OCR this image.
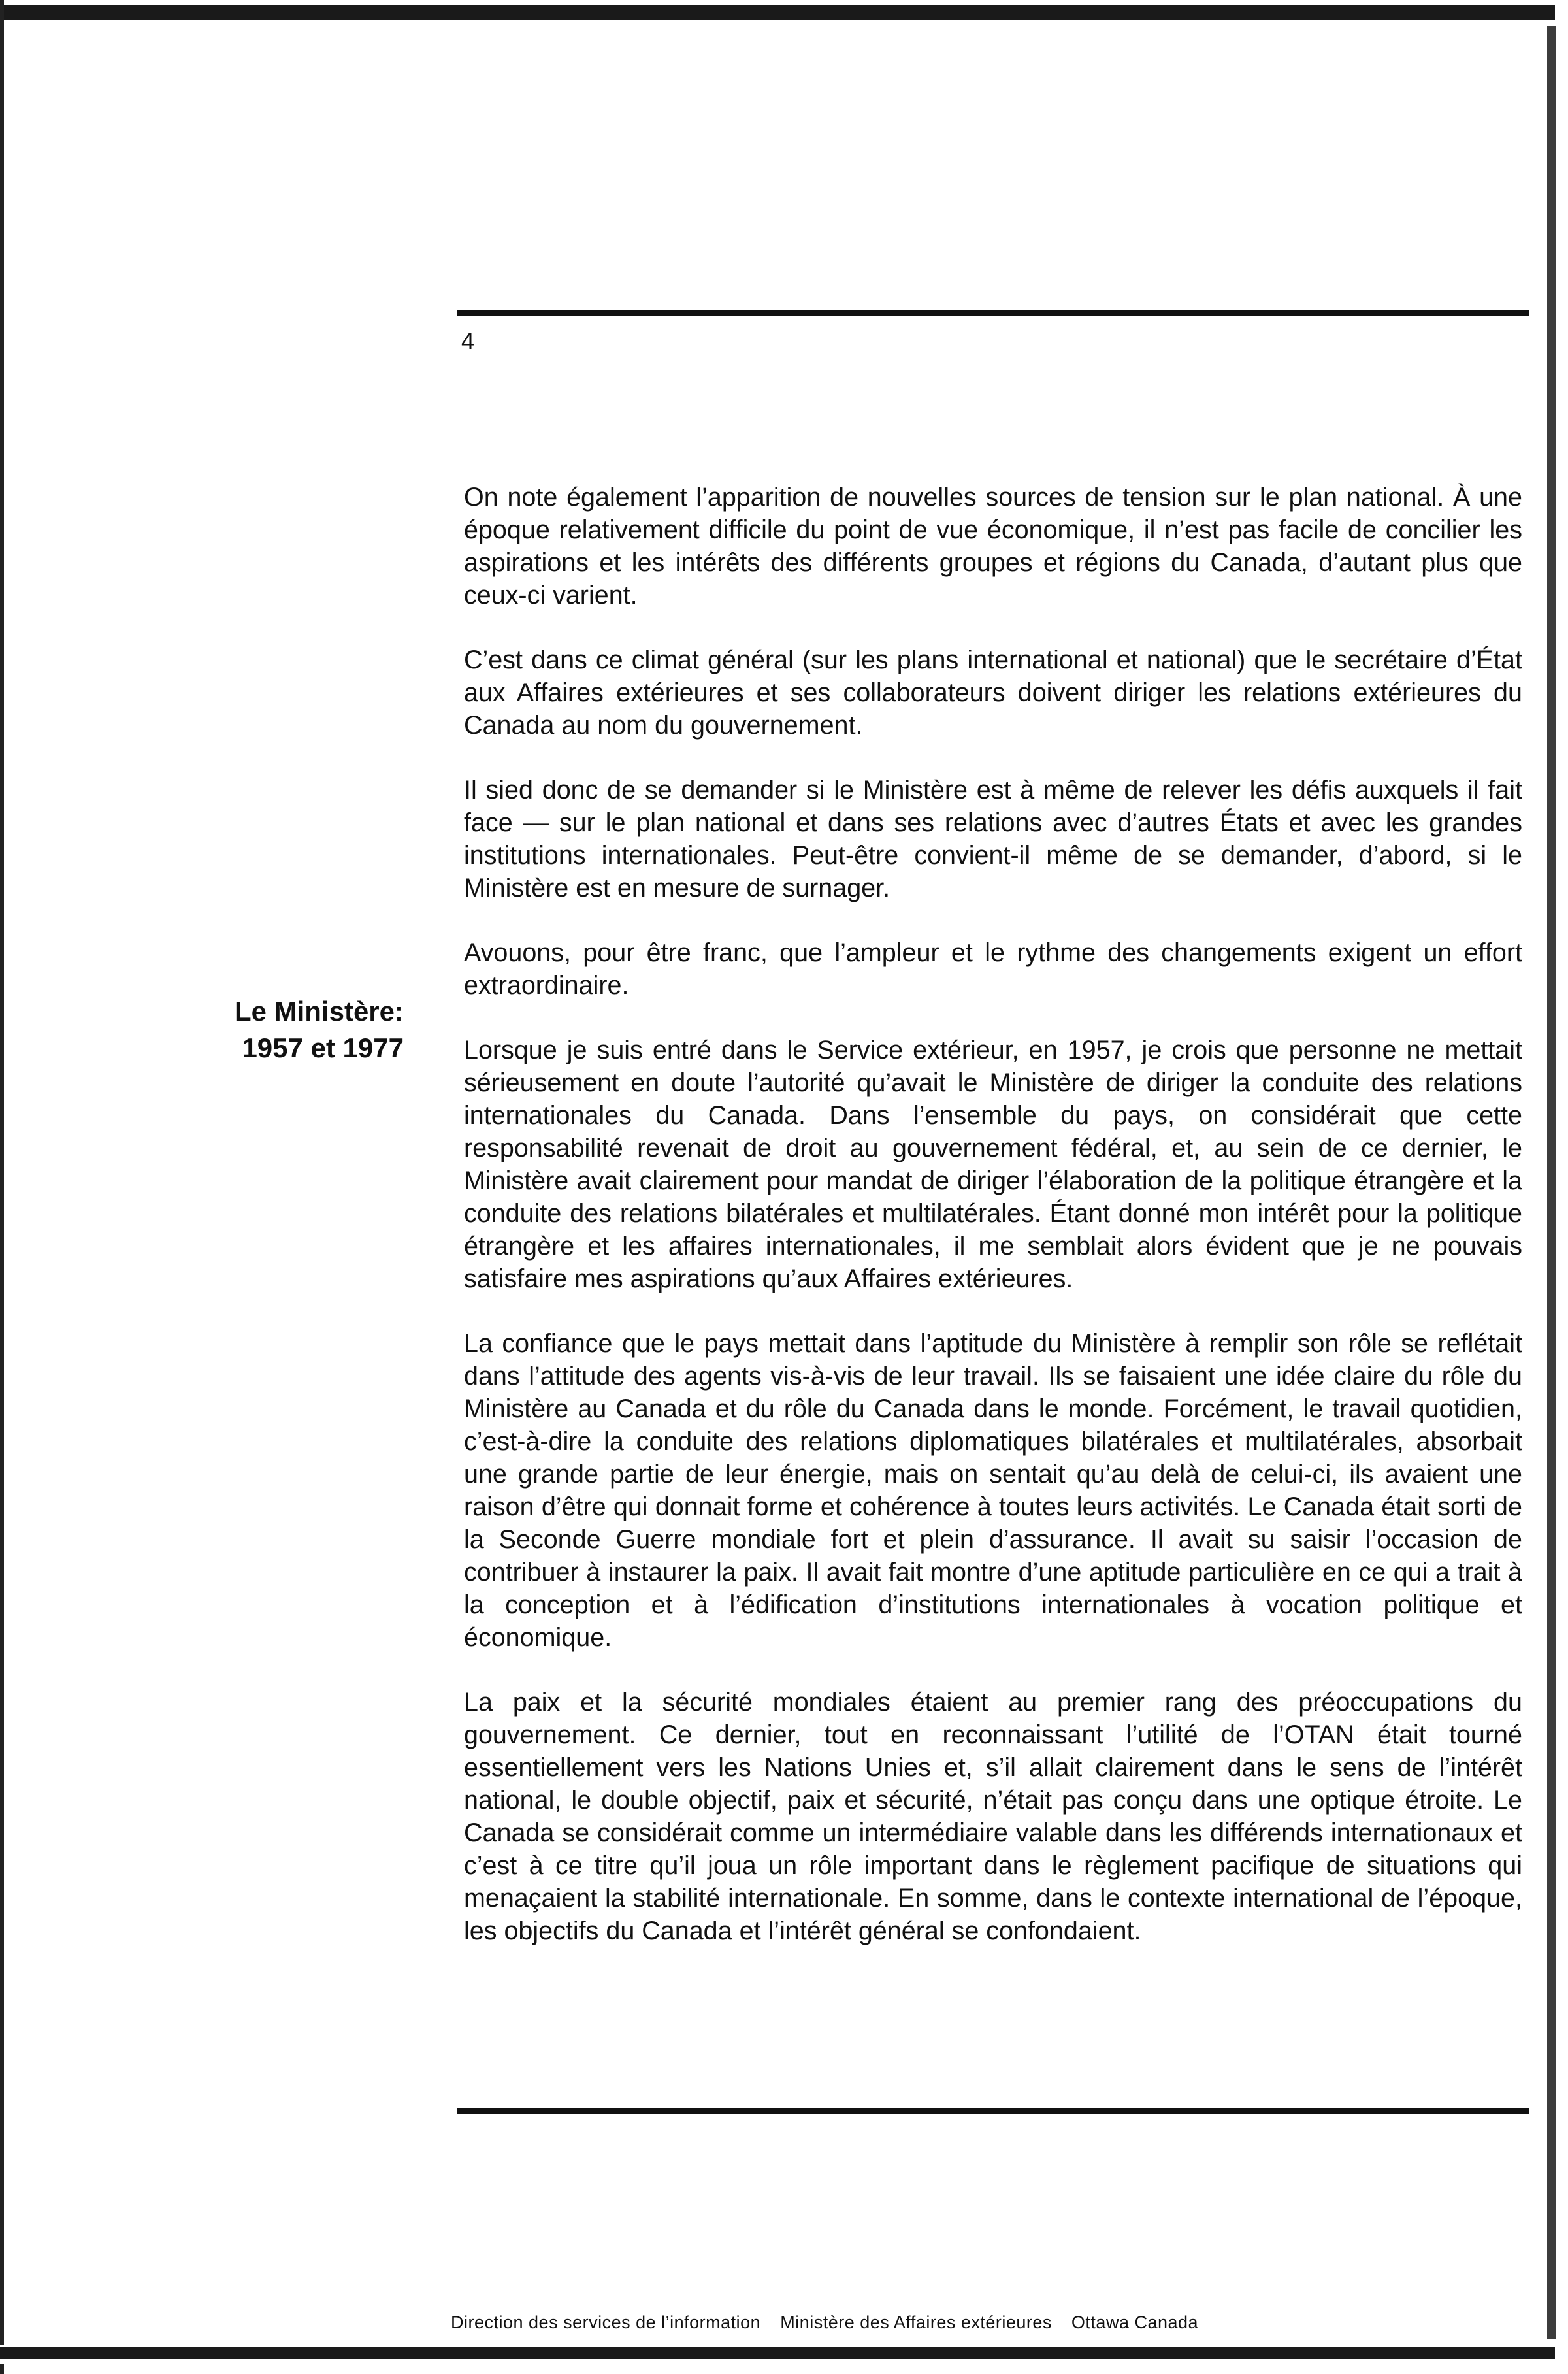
4
Le Ministère:
1957 et 1977

On note également l’apparition de nouvelles sources de tension sur le plan national. À une époque relativement difficile du point de vue économique, il n’est pas facile de concilier les aspirations et les intérêts des différents groupes et régions du Canada, d’autant plus que ceux-ci varient.

C’est dans ce climat général (sur les plans international et national) que le secrétaire d’État aux Affaires extérieures et ses collaborateurs doivent diriger les relations extérieures du Canada au nom du gouvernement.

Il sied donc de se demander si le Ministère est à même de relever les défis auxquels il fait face — sur le plan national et dans ses relations avec d’autres États et avec les grandes institutions internationales. Peut-être convient-il même de se demander, d’abord, si le Ministère est en mesure de surnager.

Avouons, pour être franc, que l’ampleur et le rythme des changements exigent un effort extraordinaire.

Lorsque je suis entré dans le Service extérieur, en 1957, je crois que personne ne mettait sérieusement en doute l’autorité qu’avait le Ministère de diriger la conduite des relations internationales du Canada. Dans l’ensemble du pays, on considérait que cette responsabilité revenait de droit au gouvernement fédéral, et, au sein de ce dernier, le Ministère avait clairement pour mandat de diriger l’élaboration de la politique étrangère et la conduite des relations bilatérales et multilatérales. Étant donné mon intérêt pour la politique étrangère et les affaires internationales, il me semblait alors évident que je ne pouvais satisfaire mes aspirations qu’aux Affaires extérieures.

La confiance que le pays mettait dans l’aptitude du Ministère à remplir son rôle se reflétait dans l’attitude des agents vis-à-vis de leur travail. Ils se faisaient une idée claire du rôle du Ministère au Canada et du rôle du Canada dans le monde. Forcément, le travail quotidien, c’est-à-dire la conduite des relations diplomatiques bilatérales et multilatérales, absorbait une grande partie de leur énergie, mais on sentait qu’au delà de celui-ci, ils avaient une raison d’être qui donnait forme et cohérence à toutes leurs activités. Le Canada était sorti de la Seconde Guerre mondiale fort et plein d’assurance. Il avait su saisir l’occasion de contribuer à instaurer la paix. Il avait fait montre d’une aptitude particulière en ce qui a trait à la conception et à l’édification d’institutions internationales à vocation politique et économique.

La paix et la sécurité mondiales étaient au premier rang des préoccupations du gouvernement. Ce dernier, tout en reconnaissant l’utilité de l’OTAN était tourné essentiellement vers les Nations Unies et, s’il allait clairement dans le sens de l’intérêt national, le double objectif, paix et sécurité, n’était pas conçu dans une optique étroite. Le Canada se considérait comme un intermédiaire valable dans les différends internationaux et c’est à ce titre qu’il joua un rôle important dans le règlement pacifique de situations qui menaçaient la stabilité internationale. En somme, dans le contexte international de l’époque, les objectifs du Canada et l’intérêt général se confondaient.

Direction des services de l’information Ministère des Affaires extérieures Ottawa Canada
